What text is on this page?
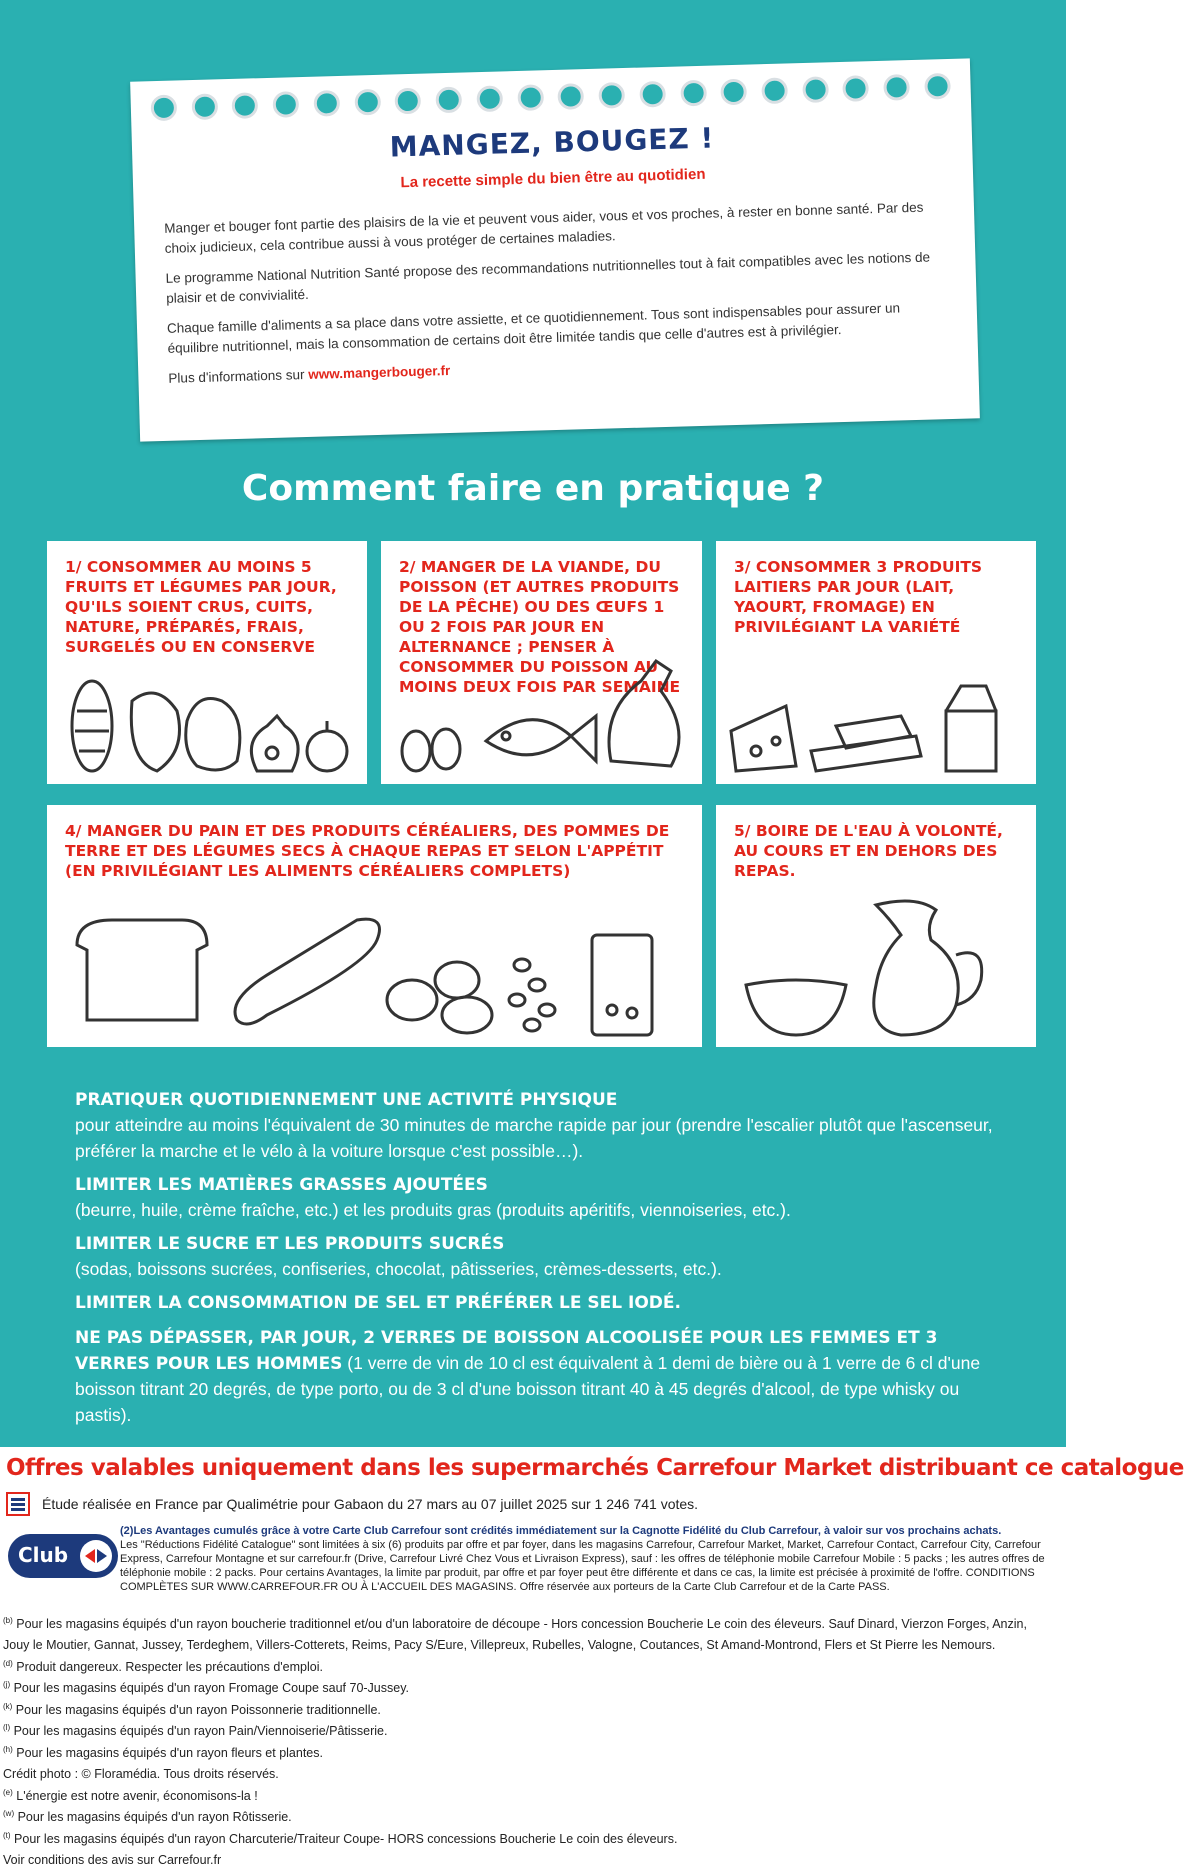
MANGEZ, BOUGEZ !
La recette simple du bien être au quotidien

Manger et bouger font partie des plaisirs de la vie et peuvent vous aider, vous et vos proches, à rester en bonne santé. Par des choix judicieux, cela contribue aussi à vous protéger de certaines maladies.

Le programme National Nutrition Santé propose des recommandations nutritionnelles tout à fait compatibles avec les notions de plaisir et de convivialité.

Chaque famille d'aliments a sa place dans votre assiette, et ce quotidiennement. Tous sont indispensables pour assurer un équilibre nutritionnel, mais la consommation de certains doit être limitée tandis que celle d'autres est à privilégier.

Plus d'informations sur www.mangerbouger.fr

Comment faire en pratique ?
1/ CONSOMMER AU MOINS 5 FRUITS ET LÉGUMES PAR JOUR, QU'ILS SOIENT CRUS, CUITS, NATURE, PRÉPARÉS, FRAIS, SURGELÉS OU EN CONSERVE
2/ MANGER DE LA VIANDE, DU POISSON (ET AUTRES PRODUITS DE LA PÊCHE) OU DES ŒUFS 1 OU 2 FOIS PAR JOUR EN ALTERNANCE ; PENSER À CONSOMMER DU POISSON AU MOINS DEUX FOIS PAR SEMAINE
3/ CONSOMMER 3 PRODUITS LAITIERS PAR JOUR (LAIT, YAOURT, FROMAGE) EN PRIVILÉGIANT LA VARIÉTÉ
4/ MANGER DU PAIN ET DES PRODUITS CÉRÉALIERS, DES POMMES DE TERRE ET DES LÉGUMES SECS À CHAQUE REPAS ET SELON L'APPÉTIT (EN PRIVILÉGIANT LES ALIMENTS CÉRÉALIERS COMPLETS)
5/ BOIRE DE L'EAU À VOLONTÉ, AU COURS ET EN DEHORS DES REPAS.
PRATIQUER QUOTIDIENNEMENT UNE ACTIVITÉ PHYSIQUE
pour atteindre au moins l'équivalent de 30 minutes de marche rapide par jour (prendre l'escalier plutôt que l'ascenseur, préférer la marche et le vélo à la voiture lorsque c'est possible…).
LIMITER LES MATIÈRES GRASSES AJOUTÉES
(beurre, huile, crème fraîche, etc.) et les produits gras (produits apéritifs, viennoiseries, etc.).
LIMITER LE SUCRE ET LES PRODUITS SUCRÉS
(sodas, boissons sucrées, confiseries, chocolat, pâtisseries, crèmes-desserts, etc.).
LIMITER LA CONSOMMATION DE SEL ET PRÉFÉRER LE SEL IODÉ.
NE PAS DÉPASSER, PAR JOUR, 2 VERRES DE BOISSON ALCOOLISÉE POUR LES FEMMES ET 3 VERRES POUR LES HOMMES (1 verre de vin de 10 cl est équivalent à 1 demi de bière ou à 1 verre de 6 cl d'une boisson titrant 20 degrés, de type porto, ou de 3 cl d'une boisson titrant 40 à 45 degrés d'alcool, de type whisky ou pastis).
Offres valables uniquement dans les supermarchés Carrefour Market distribuant ce catalogue
Étude réalisée en France par Qualimétrie pour Gabaon du 27 mars au 07 juillet 2025 sur 1 246 741 votes.
Club
(2)Les Avantages cumulés grâce à votre Carte Club Carrefour sont crédités immédiatement sur la Cagnotte Fidélité du Club Carrefour, à valoir sur vos prochains achats.
Les "Réductions Fidélité Catalogue" sont limitées à six (6) produits par offre et par foyer, dans les magasins Carrefour, Carrefour Market, Market, Carrefour Contact, Carrefour City, Carrefour Express, Carrefour Montagne et sur carrefour.fr (Drive, Carrefour Livré Chez Vous et Livraison Express), sauf : les offres de téléphonie mobile Carrefour Mobile : 5 packs ; les autres offres de téléphonie mobile : 2 packs. Pour certains Avantages, la limite par produit, par offre et par foyer peut être différente et dans ce cas, la limite est précisée à proximité de l'offre. CONDITIONS COMPLÈTES SUR WWW.CARREFOUR.FR OU À L'ACCUEIL DES MAGASINS. Offre réservée aux porteurs de la Carte Club Carrefour et de la Carte PASS.
$^{(b)}$ Pour les magasins équipés d'un rayon boucherie traditionnel et/ou d'un laboratoire de découpe - Hors concession Boucherie Le coin des éleveurs. Sauf Dinard, Vierzon Forges, Anzin,
Jouy le Moutier, Gannat, Jussey, Terdeghem, Villers-Cotterets, Reims, Pacy S/Eure, Villepreux, Rubelles, Valogne, Coutances, St Amand-Montrond, Flers et St Pierre les Nemours.
$^{(d)}$ Produit dangereux. Respecter les précautions d'emploi.
$^{(j)}$ Pour les magasins équipés d'un rayon Fromage Coupe sauf 70-Jussey.
$^{(k)}$ Pour les magasins équipés d'un rayon Poissonnerie traditionnelle.
$^{(l)}$ Pour les magasins équipés d'un rayon Pain/Viennoiserie/Pâtisserie.
$^{(h)}$ Pour les magasins équipés d'un rayon fleurs et plantes.
Crédit photo : © Floramédia. Tous droits réservés.
$^{(e)}$ L'énergie est notre avenir, économisons-la !
$^{(w)}$ Pour les magasins équipés d'un rayon Rôtisserie.
$^{(t)}$ Pour les magasins équipés d'un rayon Charcuterie/Traiteur Coupe- HORS concessions Boucherie Le coin des éleveurs.
Voir conditions des avis sur Carrefour.fr
